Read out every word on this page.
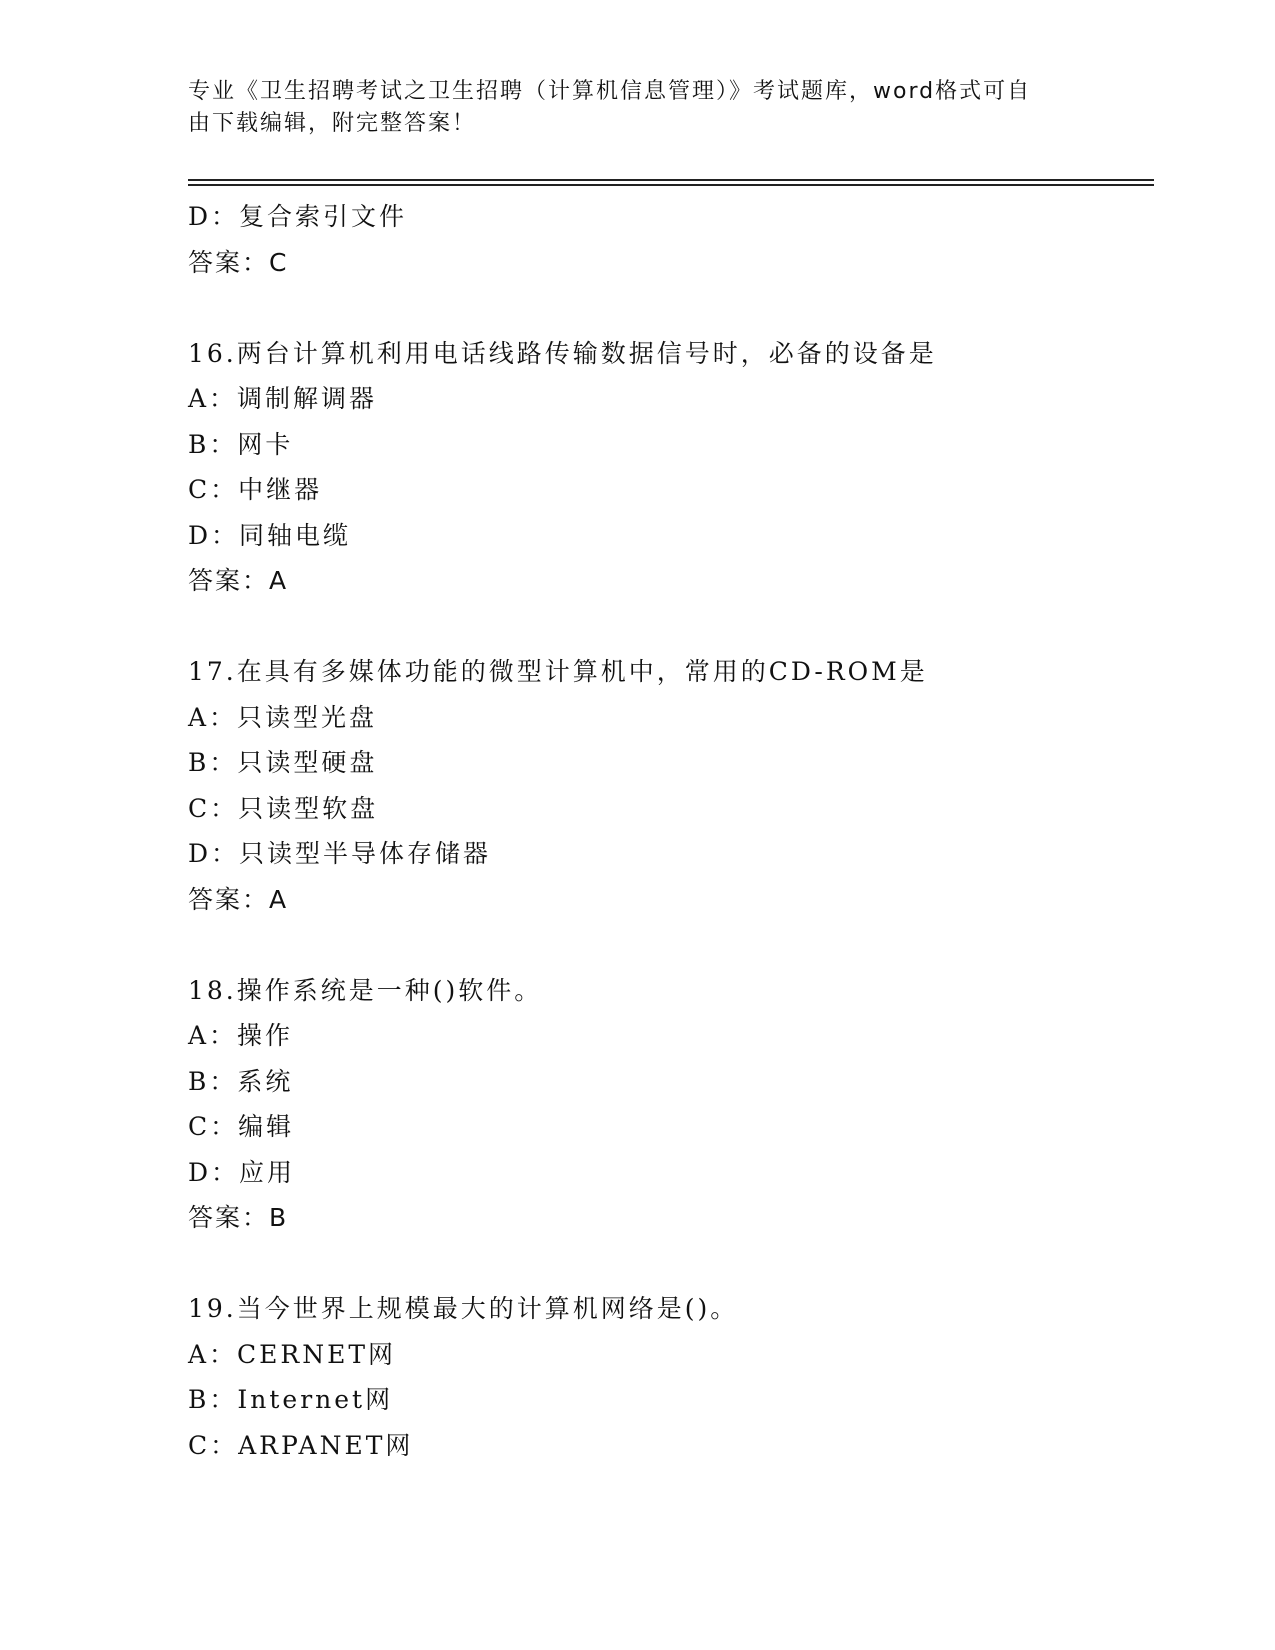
专业《卫生招聘考试之卫生招聘（计算机信息管理）》考试题库，word格式可自
由下载编辑，附完整答案！
D：复合索引文件
答案：C
16.两台计算机利用电话线路传输数据信号时，必备的设备是
A：调制解调器
B：网卡
C：中继器
D：同轴电缆
答案：A
17.在具有多媒体功能的微型计算机中，常用的CD-ROM是
A：只读型光盘
B：只读型硬盘
C：只读型软盘
D：只读型半导体存储器
答案：A
18.操作系统是一种()软件。
A：操作
B：系统
C：编辑
D：应用
答案：B
19.当今世界上规模最大的计算机网络是()。
A：CERNET网
B：Internet网
C：ARPANET网
